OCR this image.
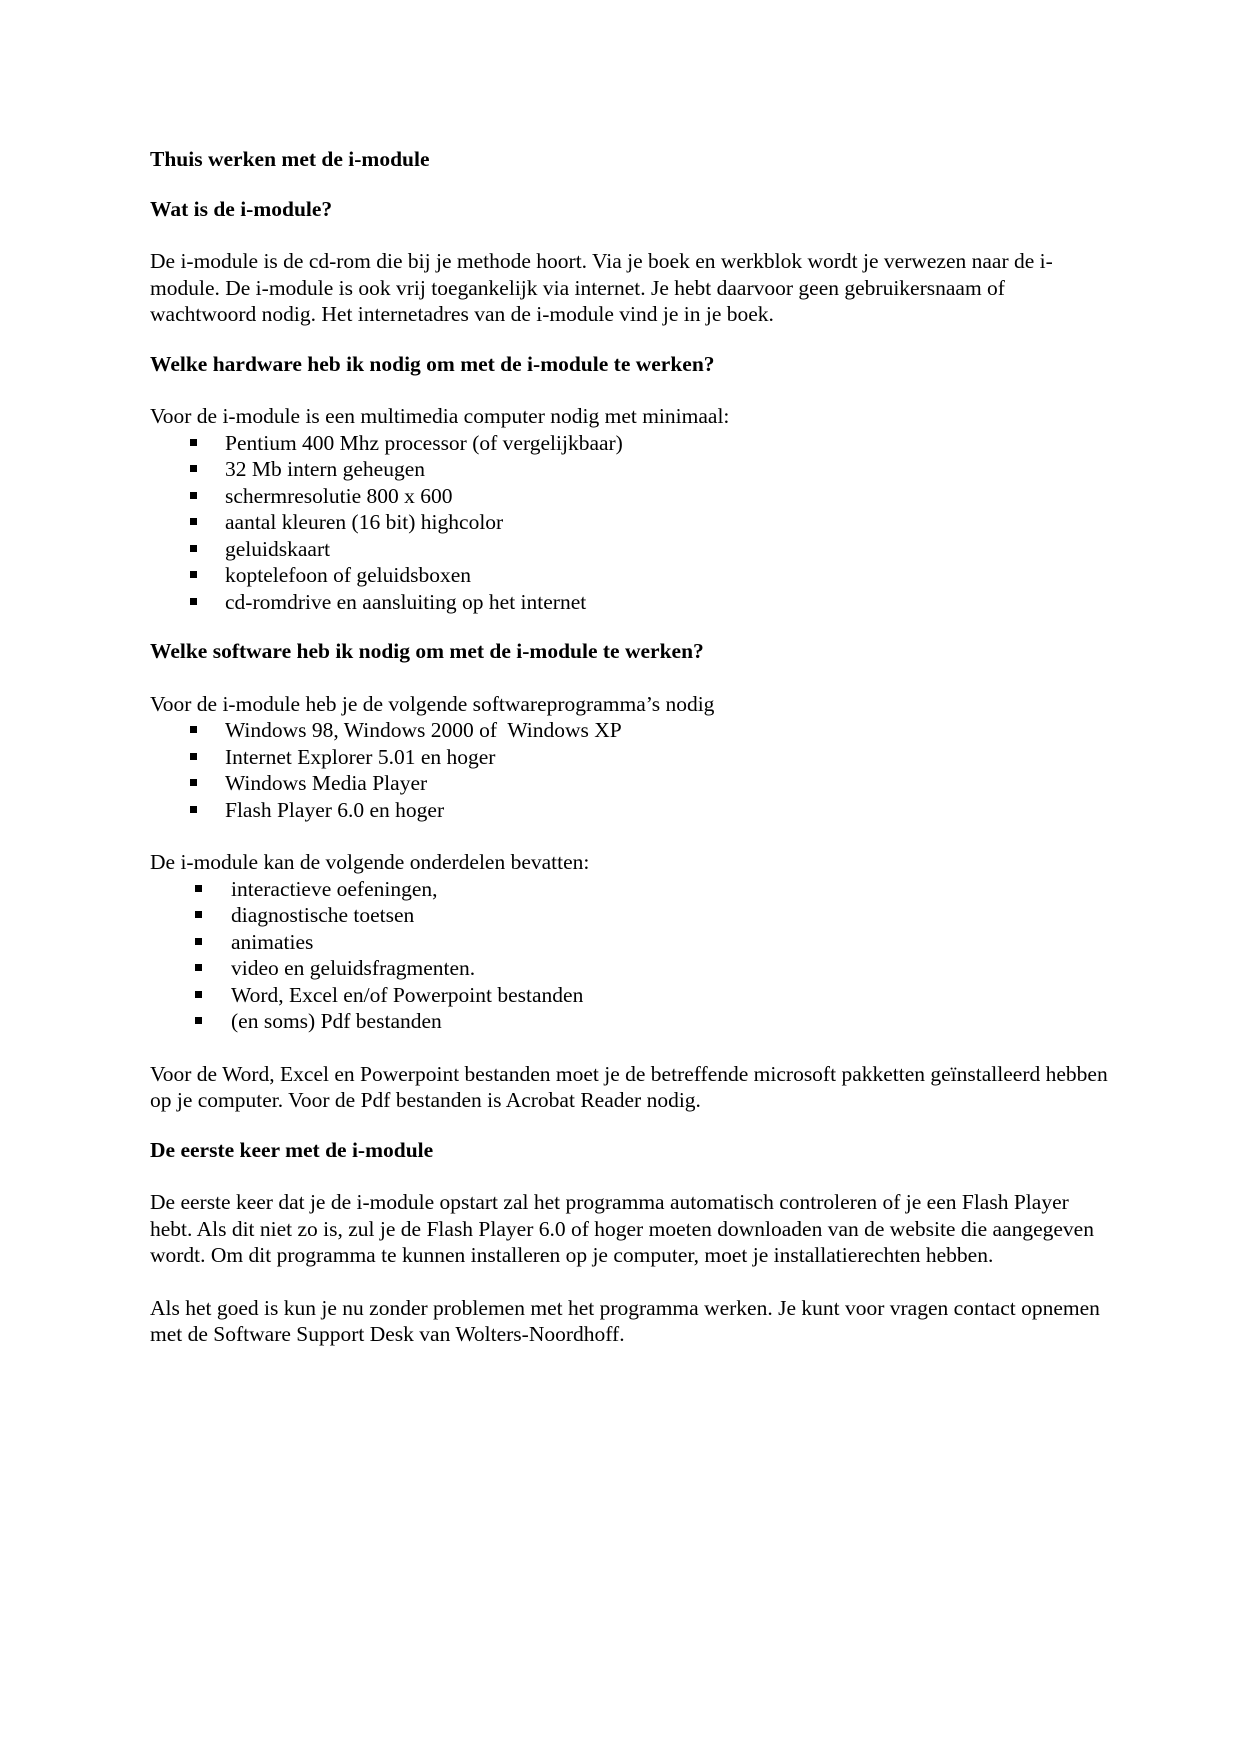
Thuis werken met de i-module

Wat is de i-module?

De i-module is de cd-rom die bij je methode hoort. Via je boek en werkblok wordt je verwezen naar de i-module. De i-module is ook vrij toegankelijk via internet. Je hebt daarvoor geen gebruikersnaam of wachtwoord nodig. Het internetadres van de i-module vind je in je boek.

Welke hardware heb ik nodig om met de i-module te werken?

Voor de i-module is een multimedia computer nodig met minimaal:

Pentium 400 Mhz processor (of vergelijkbaar)
32 Mb intern geheugen
schermresolutie 800 x 600
aantal kleuren (16 bit) highcolor
geluidskaart
koptelefoon of geluidsboxen
cd-romdrive en aansluiting op het internet

Welke software heb ik nodig om met de i-module te werken?

Voor de i-module heb je de volgende softwareprogramma’s nodig

Windows 98, Windows 2000 of  Windows XP
Internet Explorer 5.01 en hoger
Windows Media Player
Flash Player 6.0 en hoger

De i-module kan de volgende onderdelen bevatten:

interactieve oefeningen,
diagnostische toetsen
animaties
video en geluidsfragmenten.
Word, Excel en/of Powerpoint bestanden
(en soms) Pdf bestanden

Voor de Word, Excel en Powerpoint bestanden moet je de betreffende microsoft pakketten geïnstalleerd hebben op je computer. Voor de Pdf bestanden is Acrobat Reader nodig.

De eerste keer met de i-module

De eerste keer dat je de i-module opstart zal het programma automatisch controleren of je een Flash Player hebt. Als dit niet zo is, zul je de Flash Player 6.0 of hoger moeten downloaden van de website die aangegeven wordt. Om dit programma te kunnen installeren op je computer, moet je installatierechten hebben.

Als het goed is kun je nu zonder problemen met het programma werken. Je kunt voor vragen contact opnemen met de Software Support Desk van Wolters-Noordhoff.
